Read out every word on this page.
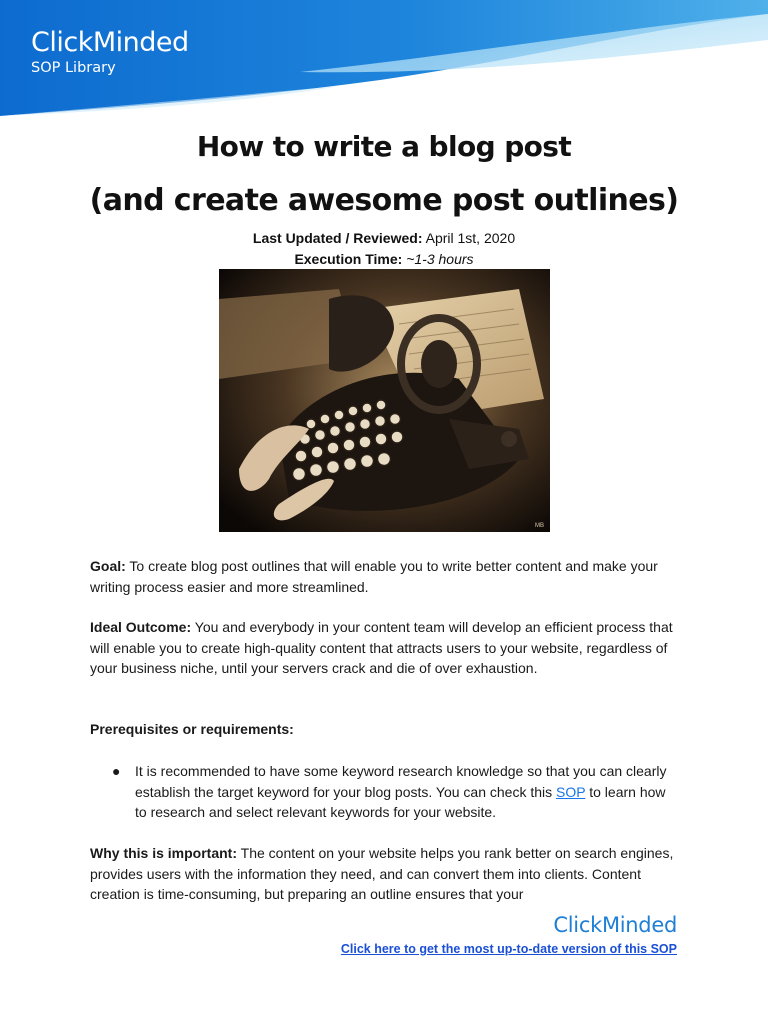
ClickMinded
SOP Library
How to write a blog post
(and create awesome post outlines)
Last Updated / Reviewed: April 1st, 2020
Execution Time: ~1-3 hours
MB
Goal: To create blog post outlines that will enable you to write better content and make your writing process easier and more streamlined.
Ideal Outcome: You and everybody in your content team will develop an efficient process that will enable you to create high-quality content that attracts users to your website, regardless of your business niche, until your servers crack and die of over exhaustion.
Prerequisites or requirements:
● It is recommended to have some keyword research knowledge so that you can clearly establish the target keyword for your blog posts. You can check this SOP to learn how to research and select relevant keywords for your website.
Why this is important: The content on your website helps you rank better on search engines, provides users with the information they need, and can convert them into clients. Content creation is time-consuming, but preparing an outline ensures that your
ClickMinded
Click here to get the most up-to-date version of this SOP
